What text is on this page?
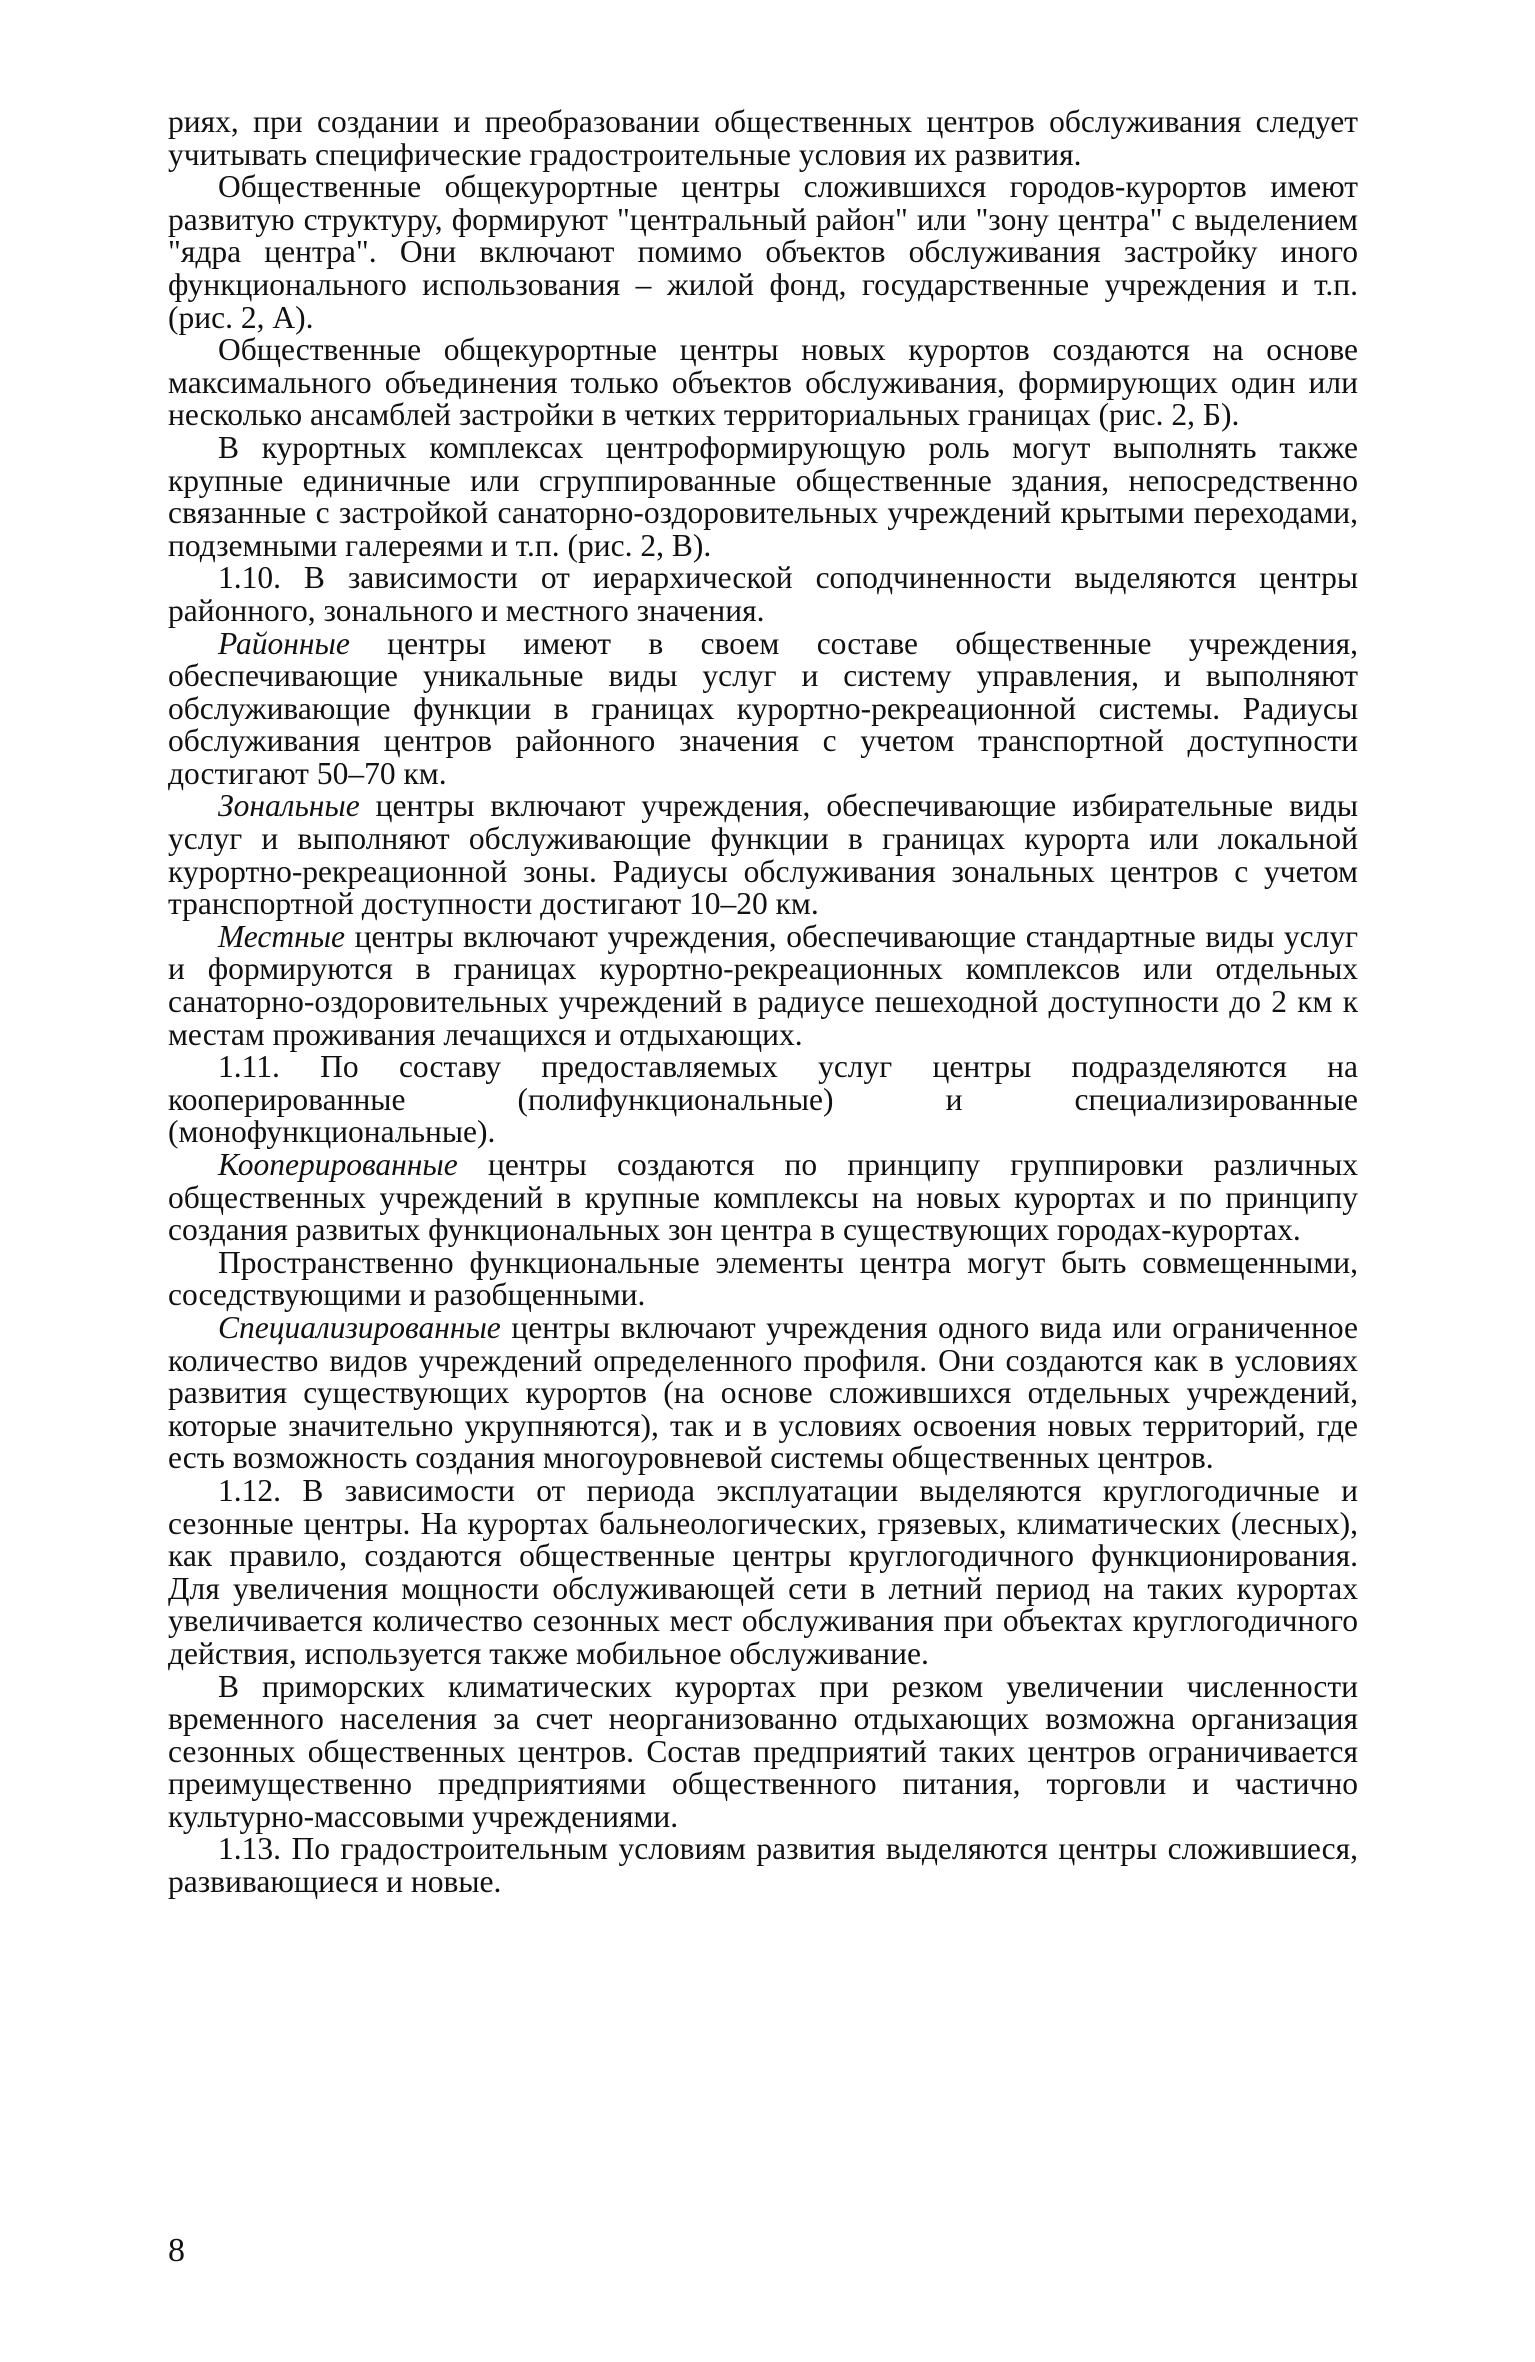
риях, при создании и преобразовании общественных центров обслуживания следует учитывать специфические градостроительные условия их развития.

Общественные общекурортные центры сложившихся городов-курортов имеют развитую структуру, формируют "центральный район" или "зону центра" с выделением "ядра центра". Они включают помимо объектов обслуживания застройку иного функционального использования – жилой фонд, государственные учреждения и т.п. (рис. 2, А).

Общественные общекурортные центры новых курортов создаются на основе максимального объединения только объектов обслуживания, формирующих один или несколько ансамблей застройки в четких территориальных границах (рис. 2, Б).

В курортных комплексах центроформирующую роль могут выполнять также крупные единичные или сгруппированные общественные здания, непосредственно связанные с застройкой санаторно-оздоровительных учреждений крытыми переходами, подземными галереями и т.п. (рис. 2, В).

1.10. В зависимости от иерархической соподчиненности выделяются центры районного, зонального и местного значения.

Районные центры имеют в своем составе общественные учреждения, обеспечивающие уникальные виды услуг и систему управления, и выполняют обслуживающие функции в границах курортно-рекреационной системы. Радиусы обслуживания центров районного значения с учетом транспортной доступности достигают 50–70 км.

Зональные центры включают учреждения, обеспечивающие избирательные виды услуг и выполняют обслуживающие функции в границах курорта или локальной курортно-рекреационной зоны. Радиусы обслуживания зональных центров с учетом транспортной доступности достигают 10–20 км.

Местные центры включают учреждения, обеспечивающие стандартные виды услуг и формируются в границах курортно-рекреационных комплексов или отдельных санаторно-оздоровительных учреждений в радиусе пешеходной доступности до 2 км к местам проживания лечащихся и отдыхающих.

1.11. По составу предоставляемых услуг центры подразделяются на кооперированные (полифункциональные) и специализированные (монофункциональные).

Кооперированные центры создаются по принципу группировки различных общественных учреждений в крупные комплексы на новых курортах и по принципу создания развитых функциональных зон центра в существующих городах-курортах.

Пространственно функциональные элементы центра могут быть совмещенными, соседствующими и разобщенными.

Специализированные центры включают учреждения одного вида или ограниченное количество видов учреждений определенного профиля. Они создаются как в условиях развития существующих курортов (на основе сложившихся отдельных учреждений, которые значительно укрупняются), так и в условиях освоения новых территорий, где есть возможность создания многоуровневой системы общественных центров.

1.12. В зависимости от периода эксплуатации выделяются круглогодичные и сезонные центры. На курортах бальнеологических, грязевых, климатических (лесных), как правило, создаются общественные центры круглогодичного функционирования. Для увеличения мощности обслуживающей сети в летний период на таких курортах увеличивается количество сезонных мест обслуживания при объектах круглогодичного действия, используется также мобильное обслуживание.

В приморских климатических курортах при резком увеличении численности временного населения за счет неорганизованно отдыхающих возможна организация сезонных общественных центров. Состав предприятий таких центров ограничивается преимущественно предприятиями общественного питания, торговли и частично культурно-массовыми учреждениями.

1.13. По градостроительным условиям развития выделяются центры сложившиеся, развивающиеся и новые.

8
